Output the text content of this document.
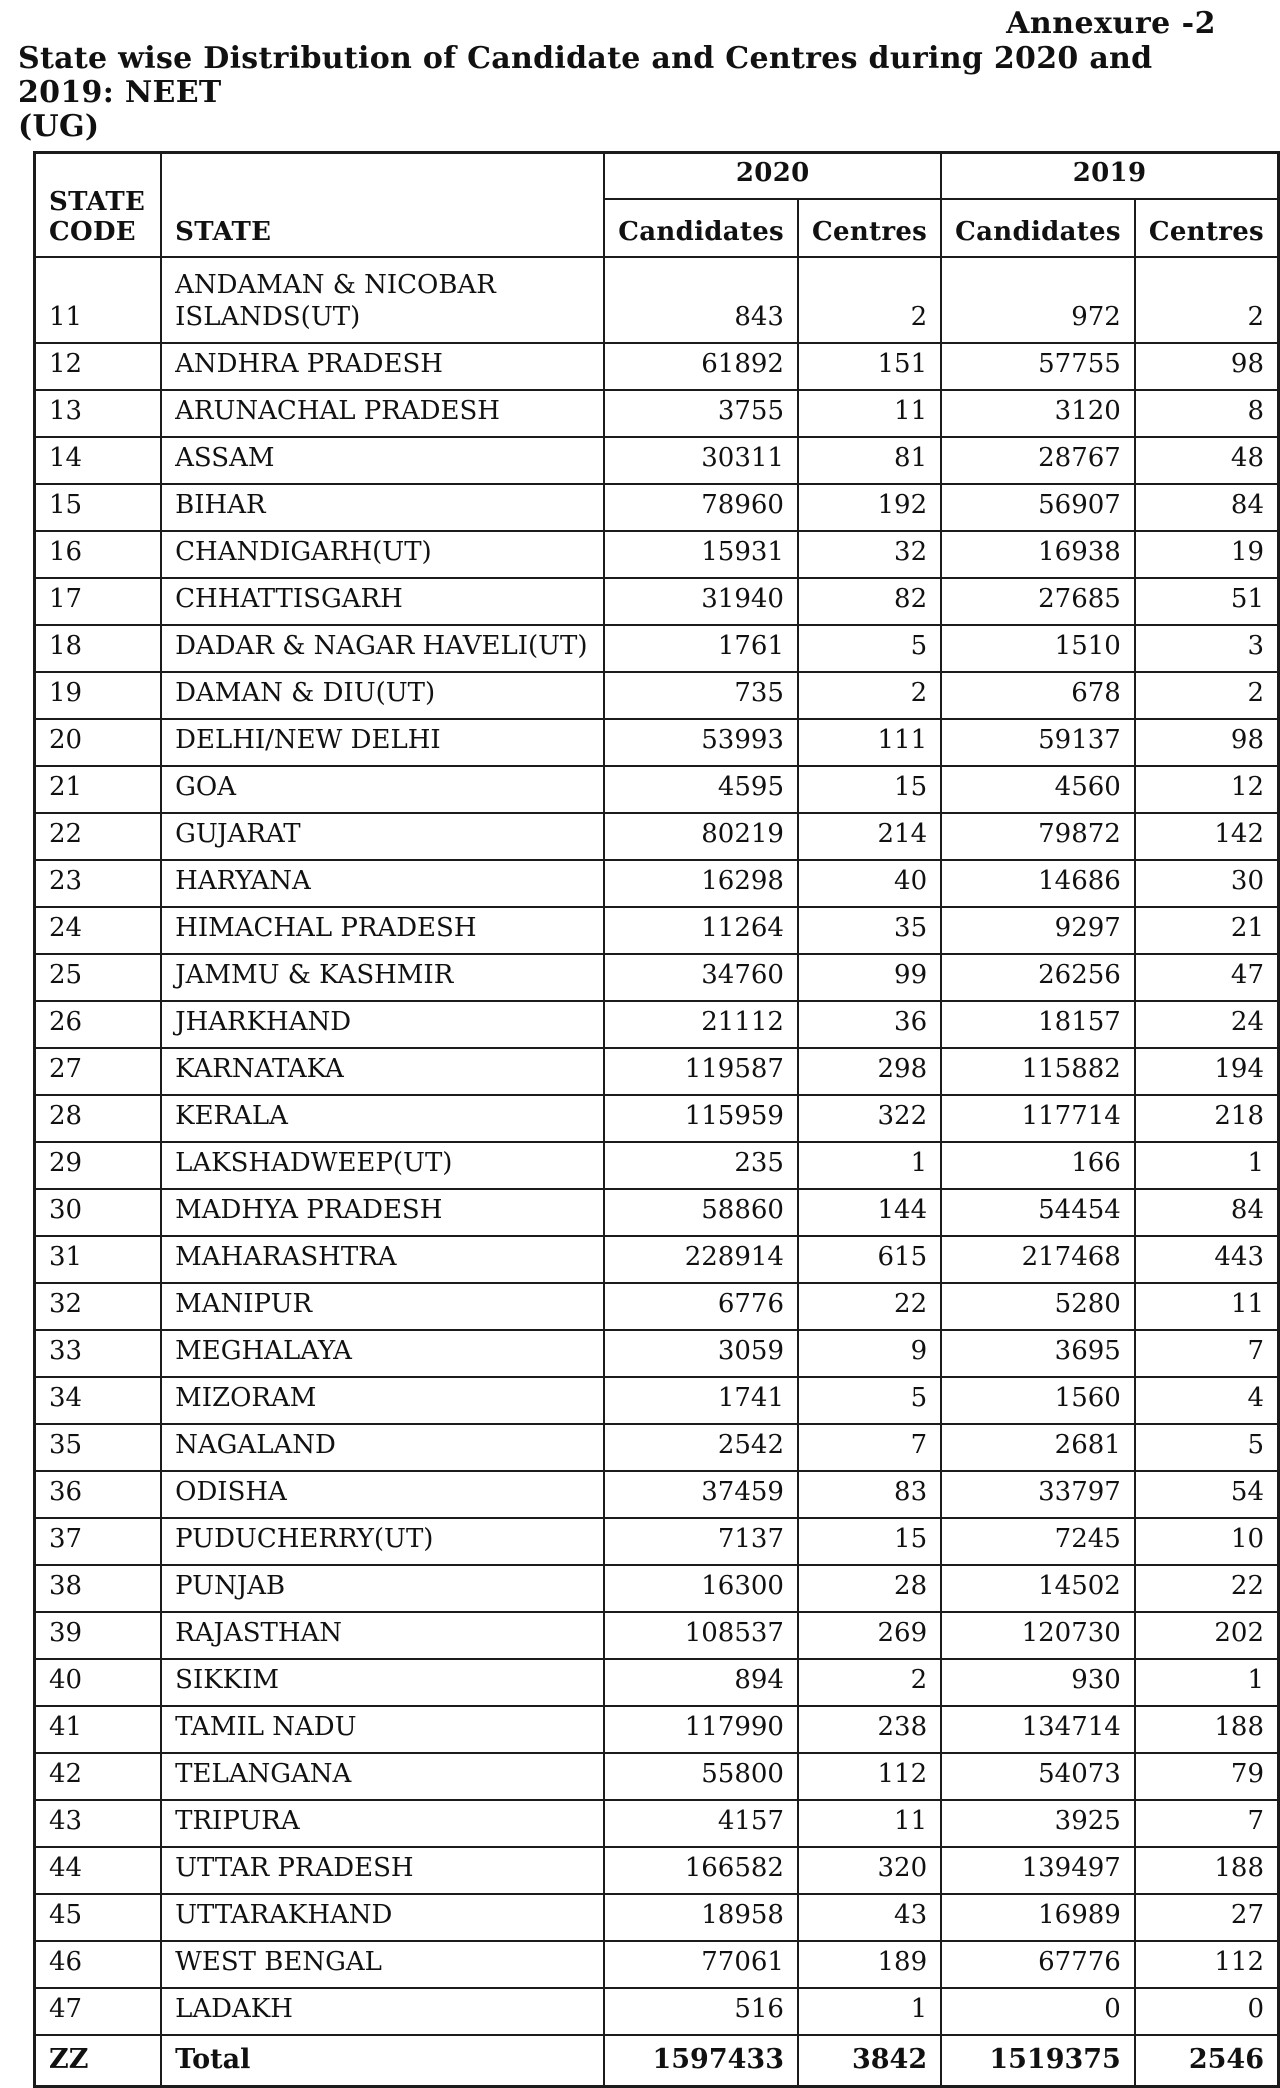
Annexure -2
State wise Distribution of Candidate and Centres during 2020 and 2019: NEET
(UG)
STATE CODE	STATE	2020		2019	
		Candidates	Centres	Candidates	Centres
11	ANDAMAN & NICOBAR ISLANDS(UT)	843	2	972	2
12	ANDHRA PRADESH	61892	151	57755	98
13	ARUNACHAL PRADESH	3755	11	3120	8
14	ASSAM	30311	81	28767	48
15	BIHAR	78960	192	56907	84
16	CHANDIGARH(UT)	15931	32	16938	19
17	CHHATTISGARH	31940	82	27685	51
18	DADAR & NAGAR HAVELI(UT)	1761	5	1510	3
19	DAMAN & DIU(UT)	735	2	678	2
20	DELHI/NEW DELHI	53993	111	59137	98
21	GOA	4595	15	4560	12
22	GUJARAT	80219	214	79872	142
23	HARYANA	16298	40	14686	30
24	HIMACHAL PRADESH	11264	35	9297	21
25	JAMMU & KASHMIR	34760	99	26256	47
26	JHARKHAND	21112	36	18157	24
27	KARNATAKA	119587	298	115882	194
28	KERALA	115959	322	117714	218
29	LAKSHADWEEP(UT)	235	1	166	1
30	MADHYA PRADESH	58860	144	54454	84
31	MAHARASHTRA	228914	615	217468	443
32	MANIPUR	6776	22	5280	11
33	MEGHALAYA	3059	9	3695	7
34	MIZORAM	1741	5	1560	4
35	NAGALAND	2542	7	2681	5
36	ODISHA	37459	83	33797	54
37	PUDUCHERRY(UT)	7137	15	7245	10
38	PUNJAB	16300	28	14502	22
39	RAJASTHAN	108537	269	120730	202
40	SIKKIM	894	2	930	1
41	TAMIL NADU	117990	238	134714	188
42	TELANGANA	55800	112	54073	79
43	TRIPURA	4157	11	3925	7
44	UTTAR PRADESH	166582	320	139497	188
45	UTTARAKHAND	18958	43	16989	27
46	WEST BENGAL	77061	189	67776	112
47	LADAKH	516	1	0	0
ZZ	Total	1597433	3842	1519375	2546
